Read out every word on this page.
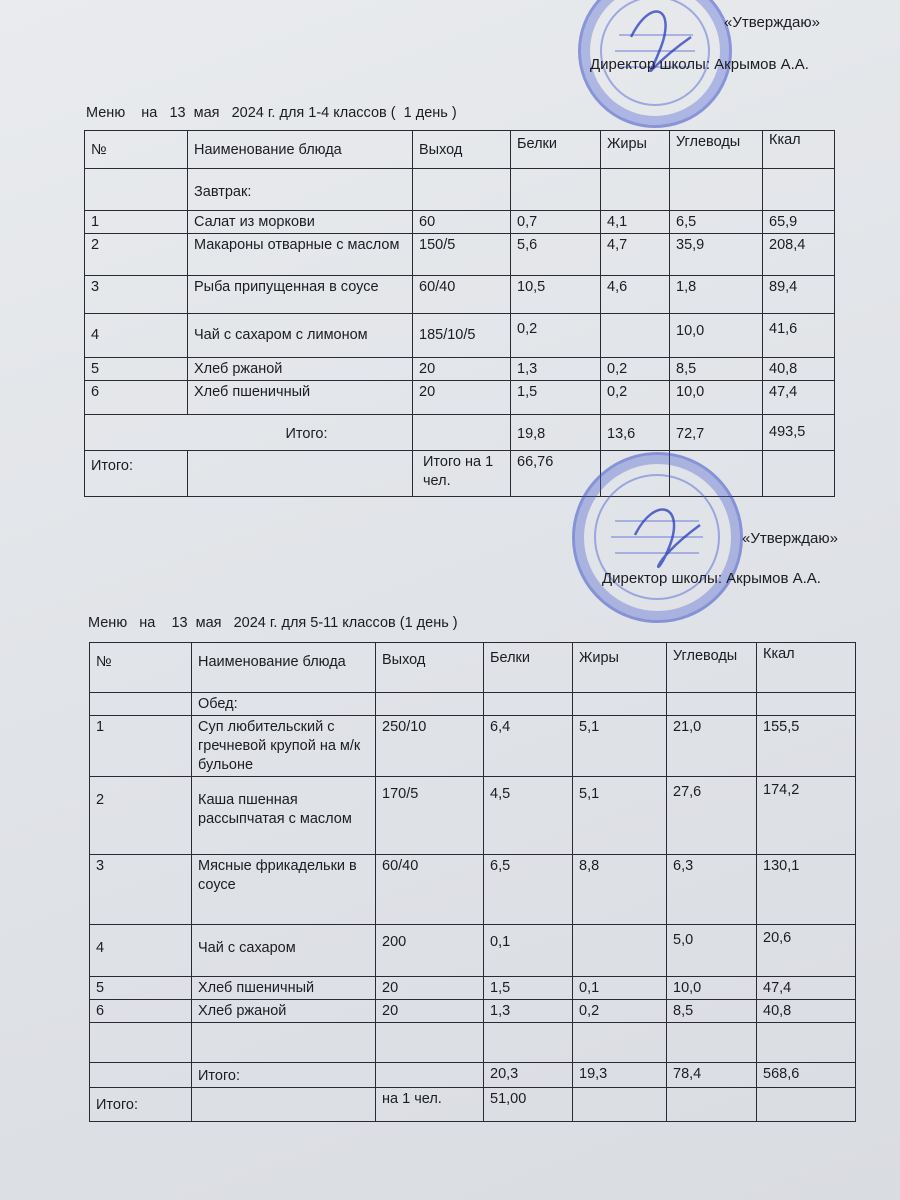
«Утверждаю»
Директор школы: Акрымов А.А.
Меню    на   13  мая   2024 г. для 1-4 классов (  1 день )
№	Наименование блюда	Выход	Белки	Жиры	Углеводы	Ккал
	Завтрак:					
1	Салат из моркови	60	0,7	4,1	6,5	65,9
2	Макароны отварные с маслом	150/5	5,6	4,7	35,9	208,4
3	Рыба припущенная в соусе	60/40	10,5	4,6	1,8	89,4
4	Чай с сахаром с лимоном	185/10/5	0,2		10,0	41,6
5	Хлеб ржаной	20	1,3	0,2	8,5	40,8
6	Хлеб пшеничный	20	1,5	0,2	10,0	47,4
Итого:			19,8	13,6	72,7	493,5
Итого:		Итого на 1 чел.	66,76			
«Утверждаю»
Директор школы: Акрымов А.А.
Меню   на    13  мая   2024 г. для 5-11 классов (1 день )
№	Наименование блюда	Выход	Белки	Жиры	Углеводы	Ккал
	Обед:					
1	Суп любительский с гречневой крупой на м/к бульоне	250/10	6,4	5,1	21,0	155,5
2	Каша пшенная рассыпчатая с маслом	170/5	4,5	5,1	27,6	174,2
3	Мясные фрикадельки в соусе	60/40	6,5	8,8	6,3	130,1
4	Чай с сахаром	200	0,1		5,0	20,6
5	Хлеб пшеничный	20	1,5	0,1	10,0	47,4
6	Хлеб ржаной	20	1,3	0,2	8,5	40,8

	Итого:		20,3	19,3	78,4	568,6
Итого:		на 1 чел.	51,00			
